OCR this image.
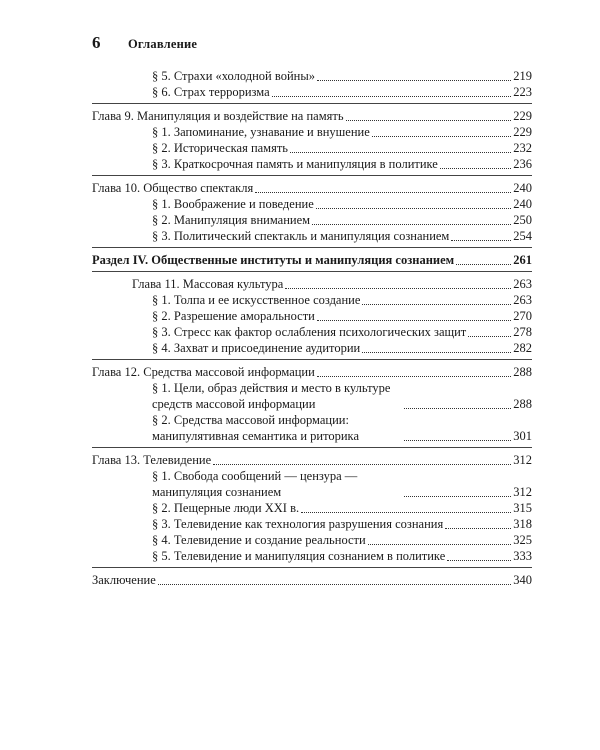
6	Оглавление
§ 5. Страхи «холодной войны»	219
§ 6. Страх терроризма	223
Глава 9. Манипуляция и воздействие на память	229
§ 1. Запоминание, узнавание и внушение	229
§ 2. Историческая память	232
§ 3. Краткосрочная память и манипуляция в политике	236
Глава 10. Общество спектакля	240
§ 1. Воображение и поведение	240
§ 2. Манипуляция вниманием	250
§ 3. Политический спектакль и манипуляция сознанием	254
Раздел IV. Общественные институты и манипуляция сознанием	261
Глава 11. Массовая культура	263
§ 1. Толпа и ее искусственное создание	263
§ 2. Разрешение аморальности	270
§ 3. Стресс как фактор ослабления психологических защит	278
§ 4. Захват и присоединение аудитории	282
Глава 12. Средства массовой информации	288
§ 1. Цели, образ действия и место в культуре средств массовой информации	288
§ 2. Средства массовой информации: манипулятивная семантика и риторика	301
Глава 13. Телевидение	312
§ 1. Свобода сообщений — цензура — манипуляция сознанием	312
§ 2. Пещерные люди XXI в.	315
§ 3. Телевидение как технология разрушения сознания	318
§ 4. Телевидение и создание реальности	325
§ 5. Телевидение и манипуляция сознанием в политике	333
Заключение	340
